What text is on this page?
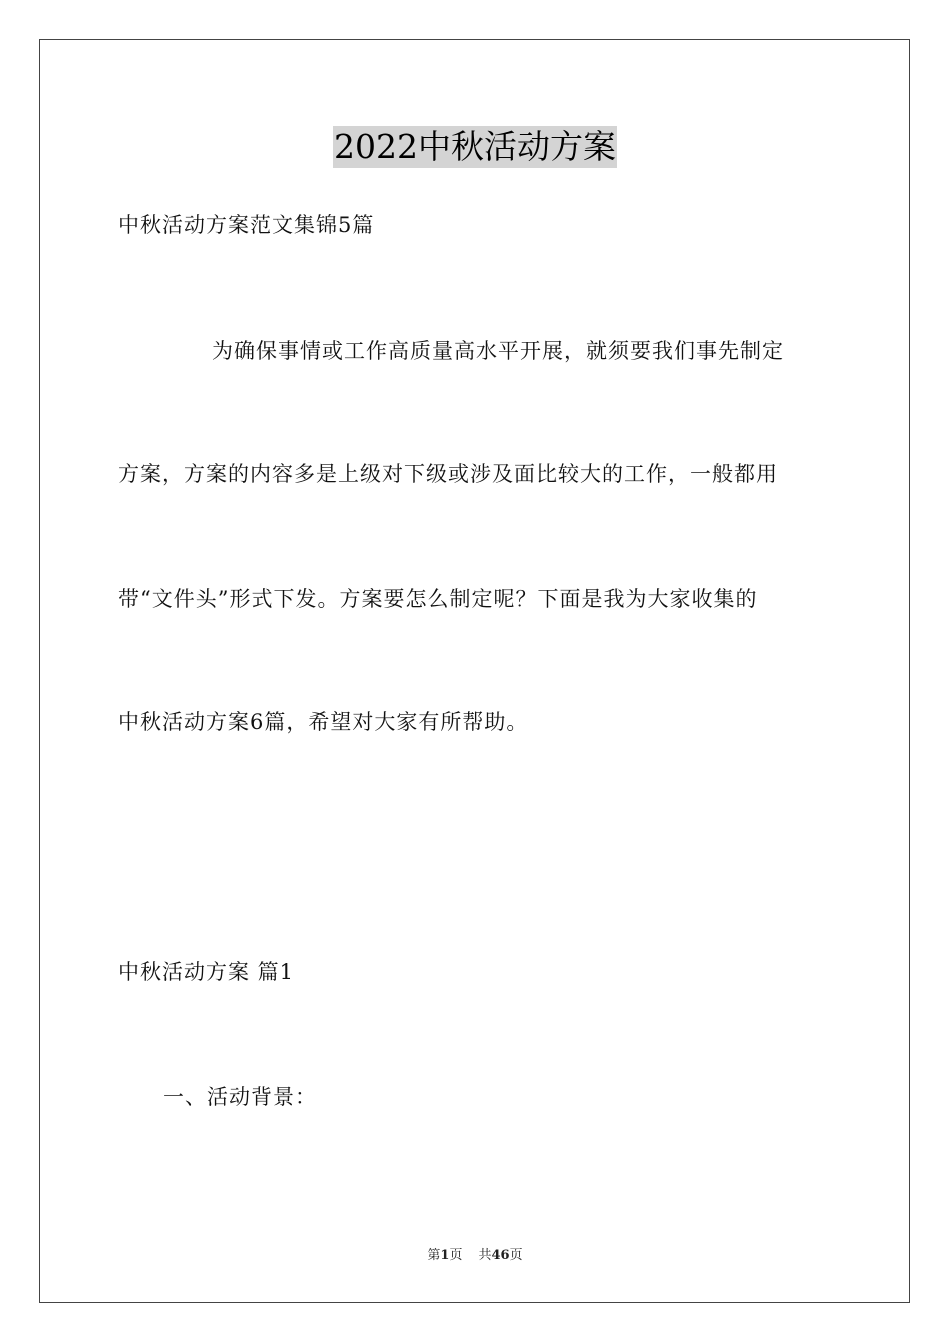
2022中秋活动方案
中秋活动方案范文集锦5篇
为确保事情或工作高质量高水平开展，就须要我们事先制定
方案，方案的内容多是上级对下级或涉及面比较大的工作，一般都用
带“文件头”形式下发。方案要怎么制定呢？下面是我为大家收集的
中秋活动方案6篇，希望对大家有所帮助。
中秋活动方案 篇1
一、活动背景：
第1页 共46页
